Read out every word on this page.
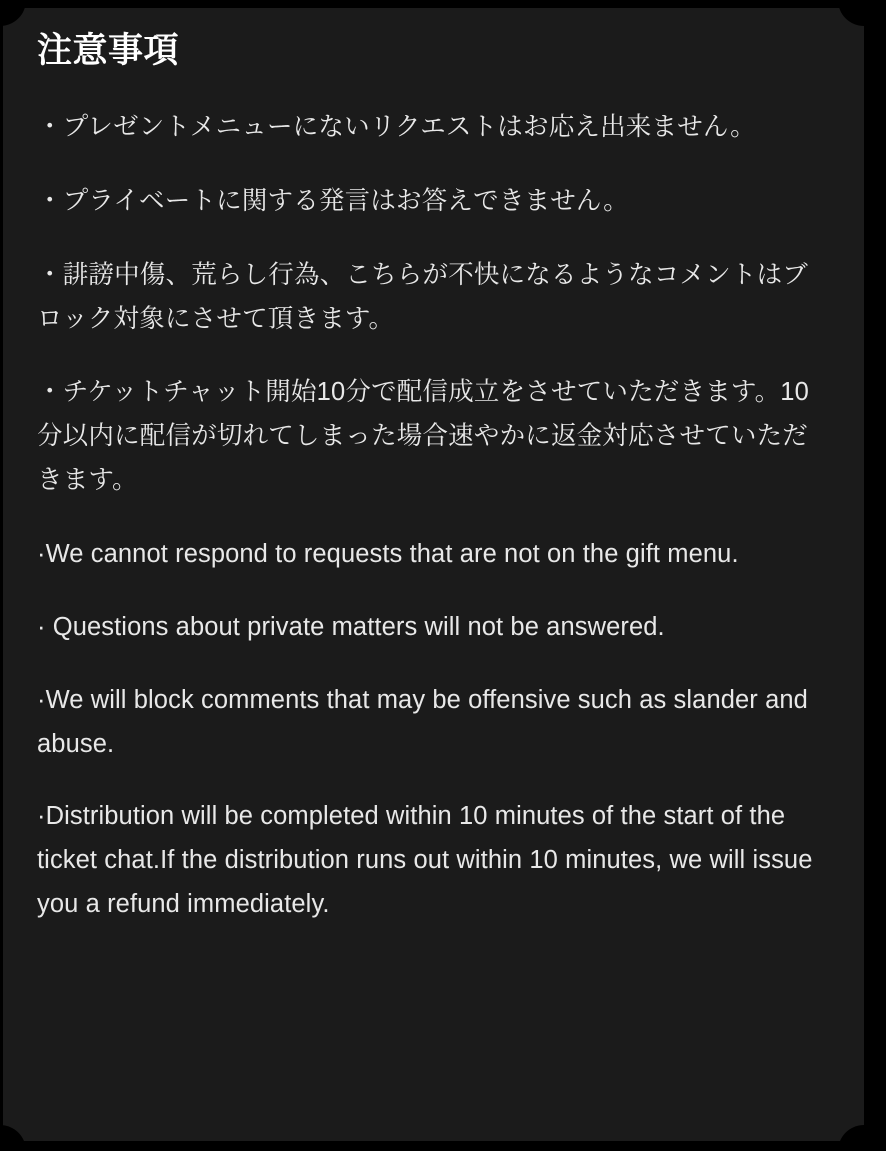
注意事項

・プレゼントメニューにないリクエストはお応え出来ません。

・プライベートに関する発言はお答えできません。

・誹謗中傷、荒らし行為、こちらが不快になるようなコメントはブロック対象にさせて頂きます。

・チケットチャット開始10分で配信成立をさせていただきます。10分以内に配信が切れてしまった場合速やかに返金対応させていただきます。

·We cannot respond to requests that are not on the gift menu.

· Questions about private matters will not be answered.

·We will block comments that may be offensive such as slander and abuse.

·Distribution will be completed within 10 minutes of the start of the ticket chat.If the distribution runs out within 10 minutes, we will issue you a refund immediately.
